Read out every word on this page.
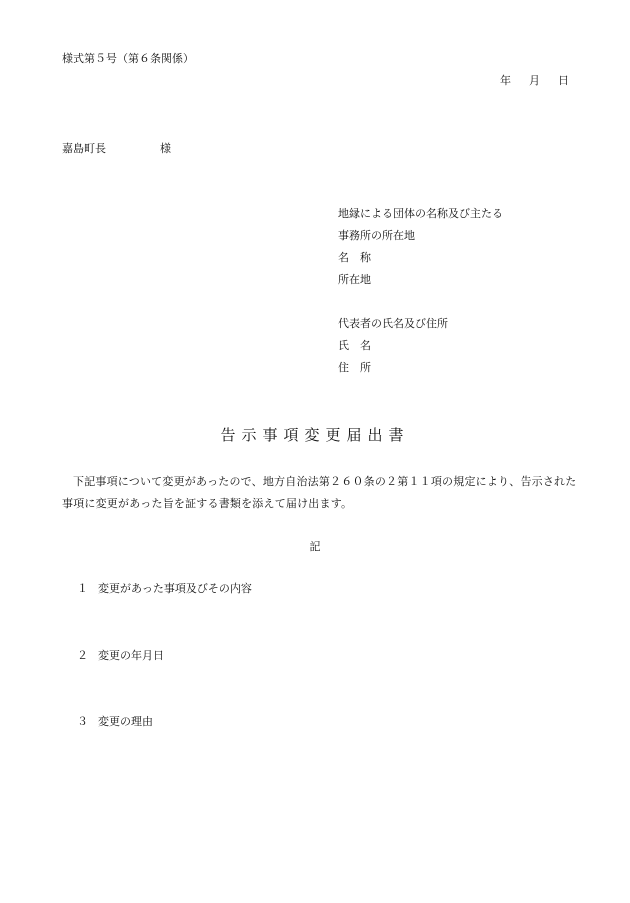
様式第５号（第６条関係）
年 月 日
嘉島町長	様
地縁による団体の名称及び主たる
事務所の所在地
名　称
所在地
代表者の氏名及び住所
氏　名
住　所
告示事項変更届出書
下記事項について変更があったので、地方自治法第２６０条の２第１１項の規定により、告示された事項に変更があった旨を証する書類を添えて届け出ます。
記
１ 変更があった事項及びその内容
２ 変更の年月日
３ 変更の理由
